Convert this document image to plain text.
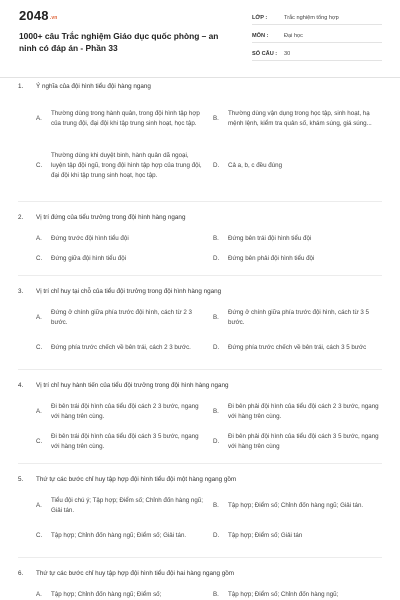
2048.vn
1000+ câu Trắc nghiệm Giáo dục quốc phòng – an ninh có đáp án - Phần 33
LỚP :	Trắc nghiệm tổng hợp
MÔN :	Đại học
SỐ CÂU :	30
1.	Ý nghĩa của đội hình tiểu đội hàng ngang
A.
Thường dùng trong hành quân, trong đội hình tập hợp của trung đội, đại đội khi tập trung sinh hoạt, học tập.
B.
Thường dùng vận dụng trong học tập, sinh hoạt, hạ mệnh lệnh, kiểm tra quân số, khám súng, giá súng...
C.
Thường dùng khi duyệt binh, hành quân dã ngoại, luyện tập đội ngũ, trong đội hình tập hợp của trung đội, đại đội khi tập trung sinh hoạt, học tập.
D.	Cả a, b, c đều đúng
2.	Vị trí đứng của tiểu trưởng trong đội hình hàng ngang
A.	Đứng trước đội hình tiểu đội	B.	Đứng bên trái đội hình tiểu đội
C.	Đứng giữa đội hình tiểu đội	D.	Đứng bên phải đội hình tiểu đội
3.	Vị trí chỉ huy tại chỗ của tiểu đội trưởng trong đội hình hàng ngang
A.
Đứng ở chính giữa phía trước đội hình, cách từ 2 3 bước.
B.
Đứng ở chính giữa phía trước đội hình, cách từ 3 5 bước.
C.	Đứng phía trước chếch về bên trái, cách 2 3 bước.	D.	Đứng phía trước chếch về bên trái, cách 3 5 bước
4.	Vị trí chỉ huy hành tiến của tiểu đội trưởng trong đội hình hàng ngang
A.
Đi bên trái đội hình của tiểu đội cách 2 3 bước, ngang với hàng trên cùng.
B.
Đi bên phải đội hình của tiểu đội cách 2 3 bước, ngang với hàng trên cùng.
C.
Đi bên trái đội hình của tiểu đội cách 3 5 bước, ngang với hàng trên cùng.
D.
Đi bên phải đội hình của tiểu đội cách 3 5 bước, ngang với hàng trên cùng
5.	Thứ tự các bước chỉ huy tập hợp đội hình tiểu đội một hàng ngang gồm
A.
Tiểu đội chú ý; Tập hợp; Điểm số; Chỉnh đốn hàng ngũ; Giải tán.
B.	Tập hợp; Điểm số; Chỉnh đốn hàng ngũ; Giải tán.
C.	Tập hợp; Chỉnh đốn hàng ngũ; Điểm số; Giải tán.	D.	Tập hợp; Điểm số; Giải tán
6.	Thứ tự các bước chỉ huy tập hợp đội hình tiểu đội hai hàng ngang gồm
A.	Tập hợp; Chỉnh đốn hàng ngũ; Điểm số;	B.	Tập hợp; Điểm số; Chỉnh đốn hàng ngũ;
